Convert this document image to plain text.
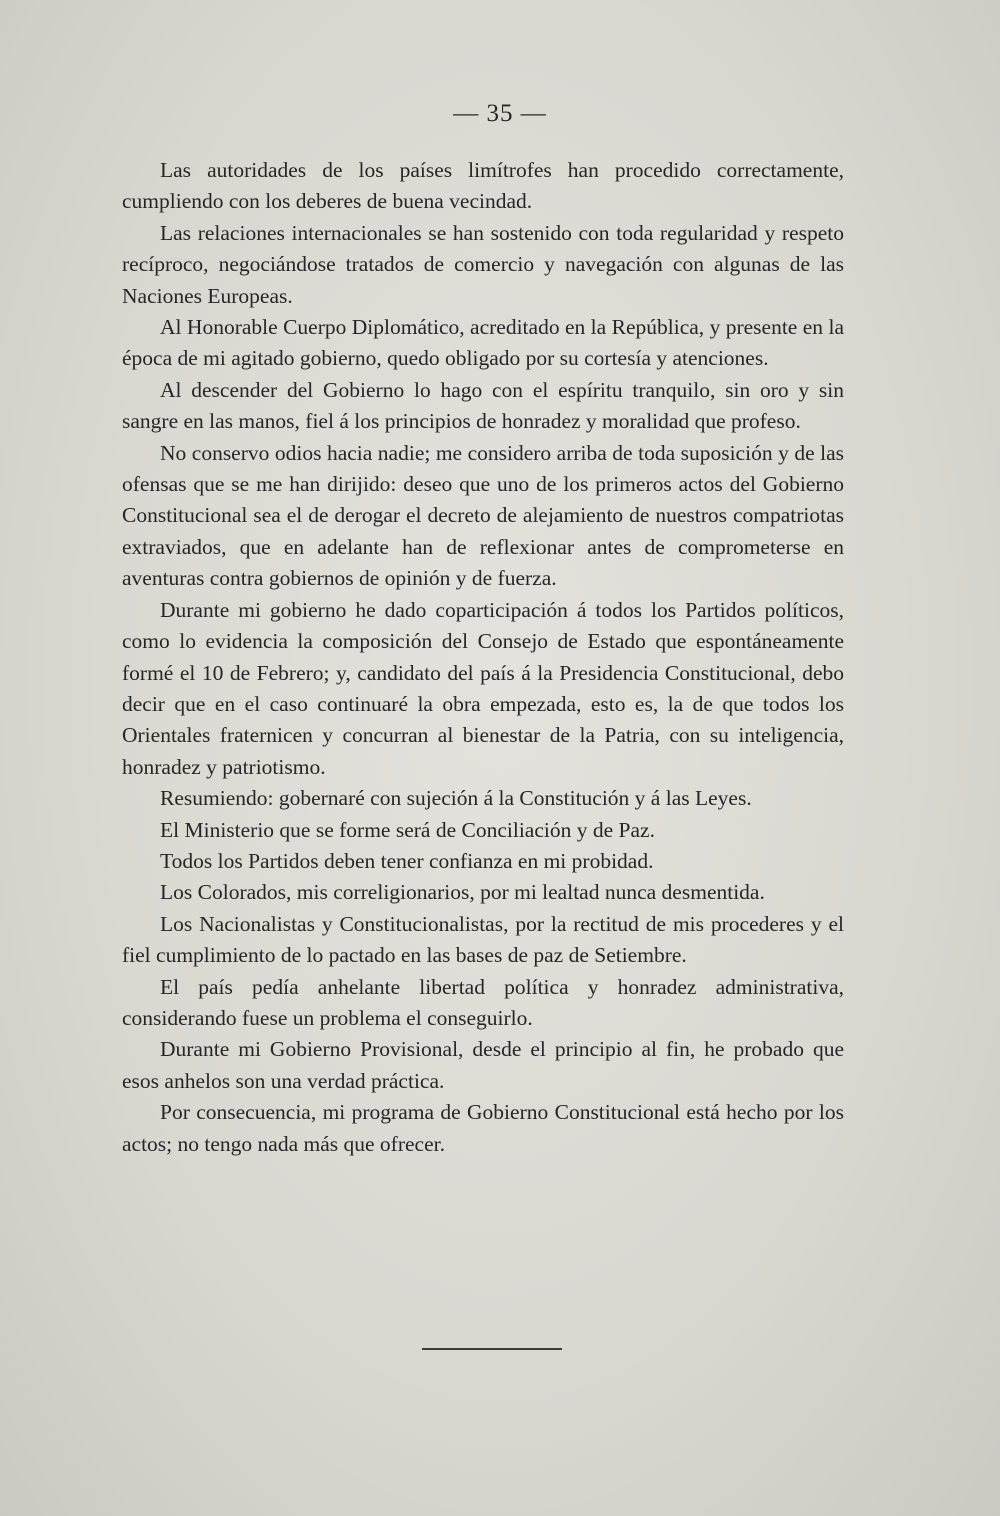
— 35 —

Las autoridades de los países limítrofes han procedido correctamente, cumpliendo con los deberes de buena vecindad.

Las relaciones internacionales se han sostenido con toda regularidad y respeto recíproco, negociándose tratados de comercio y navegación con algunas de las Naciones Europeas.

Al Honorable Cuerpo Diplomático, acreditado en la República, y presente en la época de mi agitado gobierno, quedo obligado por su cortesía y atenciones.

Al descender del Gobierno lo hago con el espíritu tranquilo, sin oro y sin sangre en las manos, fiel á los principios de honradez y moralidad que profeso.

No conservo odios hacia nadie; me considero arriba de toda suposición y de las ofensas que se me han dirijido: deseo que uno de los primeros actos del Gobierno Constitucional sea el de derogar el decreto de alejamiento de nuestros compatriotas extraviados, que en adelante han de reflexionar antes de comprometerse en aventuras contra gobiernos de opinión y de fuerza.

Durante mi gobierno he dado coparticipación á todos los Partidos políticos, como lo evidencia la composición del Consejo de Estado que espontáneamente formé el 10 de Febrero; y, candidato del país á la Presidencia Constitucional, debo decir que en el caso continuaré la obra empezada, esto es, la de que todos los Orientales fraternicen y concurran al bienestar de la Patria, con su inteligencia, honradez y patriotismo.

Resumiendo: gobernaré con sujeción á la Constitución y á las Leyes.

El Ministerio que se forme será de Conciliación y de Paz.

Todos los Partidos deben tener confianza en mi probidad.

Los Colorados, mis correligionarios, por mi lealtad nunca desmentida.

Los Nacionalistas y Constitucionalistas, por la rectitud de mis procederes y el fiel cumplimiento de lo pactado en las bases de paz de Setiembre.

El país pedía anhelante libertad política y honradez administrativa, considerando fuese un problema el conseguirlo.

Durante mi Gobierno Provisional, desde el principio al fin, he probado que esos anhelos son una verdad práctica.

Por consecuencia, mi programa de Gobierno Constitucional está hecho por los actos; no tengo nada más que ofrecer.
